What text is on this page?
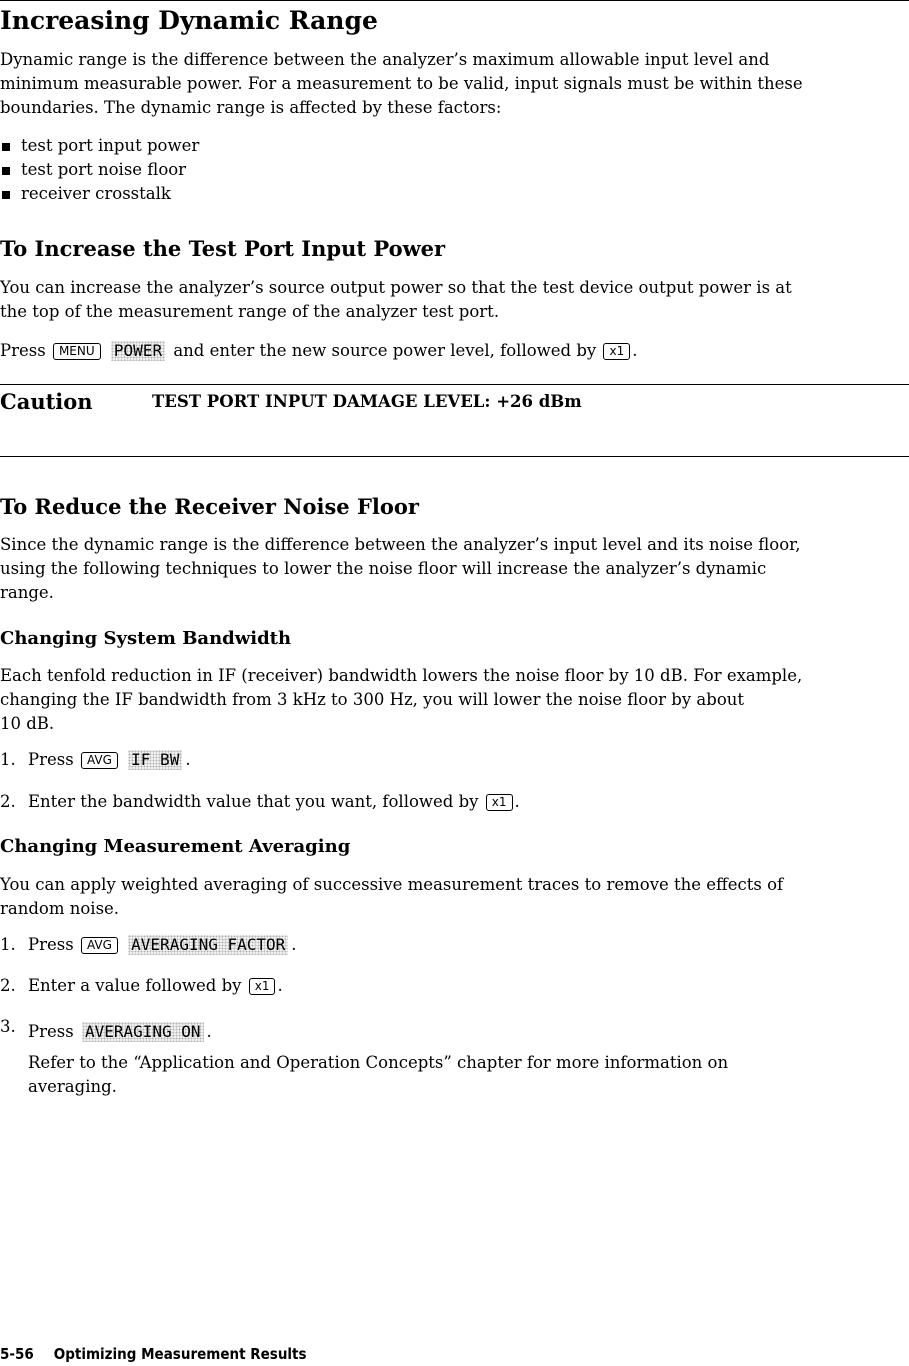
Increasing Dynamic Range

Dynamic range is the difference between the analyzer’s maximum allowable input level and
minimum measurable power. For a measurement to be valid, input signals must be within these
boundaries. The dynamic range is affected by these factors:

test port input power
test port noise floor
receiver crosstalk
To Increase the Test Port Input Power

You can increase the analyzer’s source output power so that the test device output power is at
the top of the measurement range of the analyzer test port.

Press MENU POWER and enter the new source power level, followed by x1 .
Caution	TEST PORT INPUT DAMAGE LEVEL: +26 dBm
To Reduce the Receiver Noise Floor

Since the dynamic range is the difference between the analyzer’s input level and its noise floor,
using the following techniques to lower the noise floor will increase the analyzer’s dynamic
range.

Changing System Bandwidth

Each tenfold reduction in IF (receiver) bandwidth lowers the noise floor by 10 dB. For example,
changing the IF bandwidth from 3 kHz to 300 Hz, you will lower the noise floor by about
10 dB.

1. Press AVG IF BW .
2. Enter the bandwidth value that you want, followed by x1 .
Changing Measurement Averaging

You can apply weighted averaging of successive measurement traces to remove the effects of
random noise.

1. Press AVG AVERAGING FACTOR .
2. Enter a value followed by x1 .
3. Press AVERAGING ON .

Refer to the “Application and Operation Concepts” chapter for more information on
averaging.

5-56 Optimizing Measurement Results
